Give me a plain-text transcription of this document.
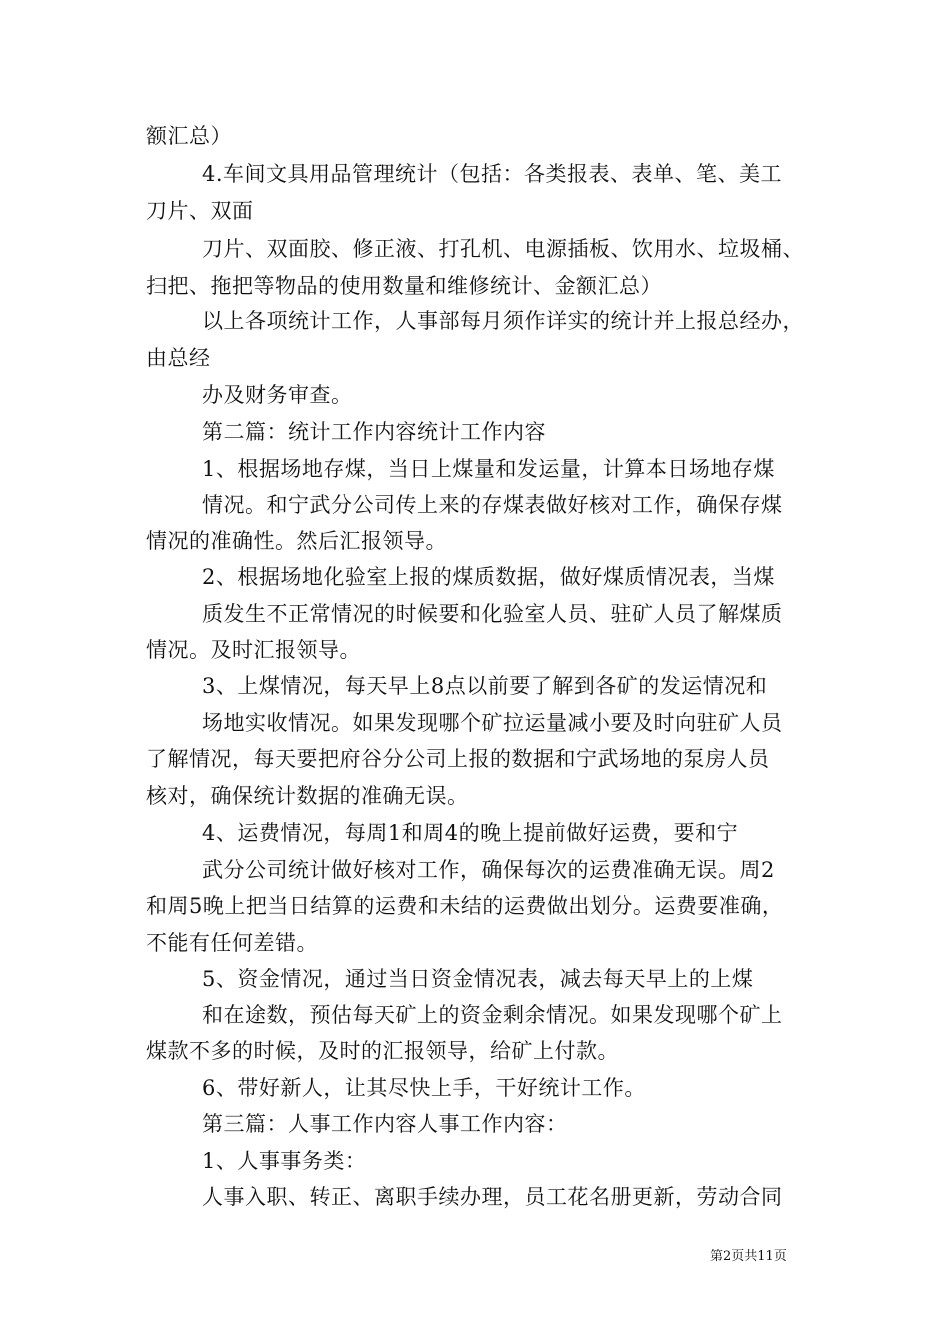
额汇总）
4.车间文具用品管理统计（包括：各类报表、表单、笔、美工
刀片、双面
刀片、双面胶、修正液、打孔机、电源插板、饮用水、垃圾桶、
扫把、拖把等物品的使用数量和维修统计、金额汇总）
以上各项统计工作，人事部每月须作详实的统计并上报总经办，
由总经
办及财务审查。
第二篇：统计工作内容统计工作内容
1、根据场地存煤，当日上煤量和发运量，计算本日场地存煤
情况。和宁武分公司传上来的存煤表做好核对工作，确保存煤
情况的准确性。然后汇报领导。
2、根据场地化验室上报的煤质数据，做好煤质情况表，当煤
质发生不正常情况的时候要和化验室人员、驻矿人员了解煤质
情况。及时汇报领导。
3、上煤情况，每天早上8点以前要了解到各矿的发运情况和
场地实收情况。如果发现哪个矿拉运量减小要及时向驻矿人员
了解情况，每天要把府谷分公司上报的数据和宁武场地的泵房人员
核对，确保统计数据的准确无误。
4、运费情况，每周1和周4的晚上提前做好运费，要和宁
武分公司统计做好核对工作，确保每次的运费准确无误。周2
和周5晚上把当日结算的运费和未结的运费做出划分。运费要准确，
不能有任何差错。
5、资金情况，通过当日资金情况表，减去每天早上的上煤
和在途数，预估每天矿上的资金剩余情况。如果发现哪个矿上
煤款不多的时候，及时的汇报领导，给矿上付款。
6、带好新人，让其尽快上手，干好统计工作。
第三篇：人事工作内容人事工作内容：
1、人事事务类：
人事入职、转正、离职手续办理，员工花名册更新，劳动合同
第2页共11页
